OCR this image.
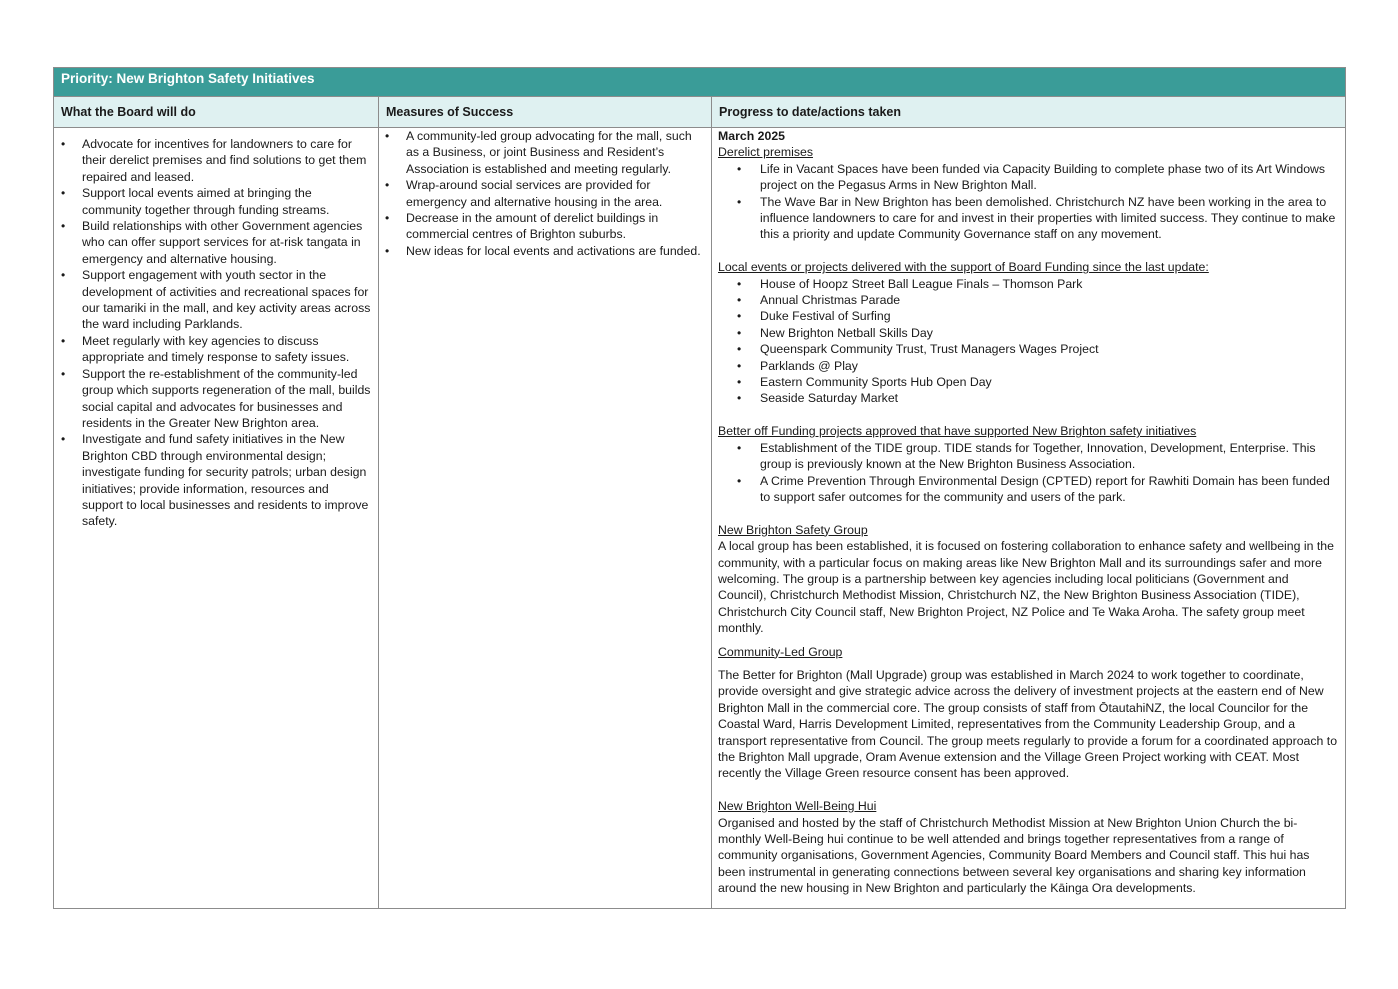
Priority: New Brighton Safety Initiatives
What the Board will do	Measures of Success	Progress to date/actions taken
• Advocate for incentives for landowners to care for their derelict premises and find solutions to get them repaired and leased.
• Support local events aimed at bringing the community together through funding streams.
• Build relationships with other Government agencies who can offer support services for at-risk tangata in emergency and alternative housing.
• Support engagement with youth sector in the development of activities and recreational spaces for our tamariki in the mall, and key activity areas across the ward including Parklands.
• Meet regularly with key agencies to discuss appropriate and timely response to safety issues.
• Support the re-establishment of the community-led group which supports regeneration of the mall, builds social capital and advocates for businesses and residents in the Greater New Brighton area.
• Investigate and fund safety initiatives in the New Brighton CBD through environmental design; investigate funding for security patrols; urban design initiatives; provide information, resources and support to local businesses and residents to improve safety.
• A community-led group advocating for the mall, such as a Business, or joint Business and Resident’s Association is established and meeting regularly.
• Wrap-around social services are provided for emergency and alternative housing in the area.
• Decrease in the amount of derelict buildings in commercial centres of Brighton suburbs.
• New ideas for local events and activations are funded.

March 2025

Derelict premises

• Life in Vacant Spaces have been funded via Capacity Building to complete phase two of its Art Windows project on the Pegasus Arms in New Brighton Mall.
• The Wave Bar in New Brighton has been demolished. Christchurch NZ have been working in the area to influence landowners to care for and invest in their properties with limited success. They continue to make this a priority and update Community Governance staff on any movement.

Local events or projects delivered with the support of Board Funding since the last update:

• House of Hoopz Street Ball League Finals – Thomson Park
• Annual Christmas Parade
• Duke Festival of Surfing
• New Brighton Netball Skills Day
• Queenspark Community Trust, Trust Managers Wages Project
• Parklands @ Play
• Eastern Community Sports Hub Open Day
• Seaside Saturday Market

Better off Funding projects approved that have supported New Brighton safety initiatives

• Establishment of the TIDE group. TIDE stands for Together, Innovation, Development, Enterprise. This group is previously known at the New Brighton Business Association.
• A Crime Prevention Through Environmental Design (CPTED) report for Rawhiti Domain has been funded to support safer outcomes for the community and users of the park.

New Brighton Safety Group

A local group has been established, it is focused on fostering collaboration to enhance safety and wellbeing in the community, with a particular focus on making areas like New Brighton Mall and its surroundings safer and more welcoming. The group is a partnership between key agencies including local politicians (Government and Council), Christchurch Methodist Mission, Christchurch NZ, the New Brighton Business Association (TIDE), Christchurch City Council staff, New Brighton Project, NZ Police and Te Waka Aroha. The safety group meet monthly.

Community-Led Group

The Better for Brighton (Mall Upgrade) group was established in March 2024 to work together to coordinate, provide oversight and give strategic advice across the delivery of investment projects at the eastern end of New Brighton Mall in the commercial core. The group consists of staff from ŌtautahiNZ, the local Councilor for the Coastal Ward, Harris Development Limited, representatives from the Community Leadership Group, and a transport representative from Council. The group meets regularly to provide a forum for a coordinated approach to the Brighton Mall upgrade, Oram Avenue extension and the Village Green Project working with CEAT. Most recently the Village Green resource consent has been approved.

New Brighton Well-Being Hui

Organised and hosted by the staff of Christchurch Methodist Mission at New Brighton Union Church the bi-monthly Well-Being hui continue to be well attended and brings together representatives from a range of community organisations, Government Agencies, Community Board Members and Council staff. This hui has been instrumental in generating connections between several key organisations and sharing key information around the new housing in New Brighton and particularly the Kāinga Ora developments.
